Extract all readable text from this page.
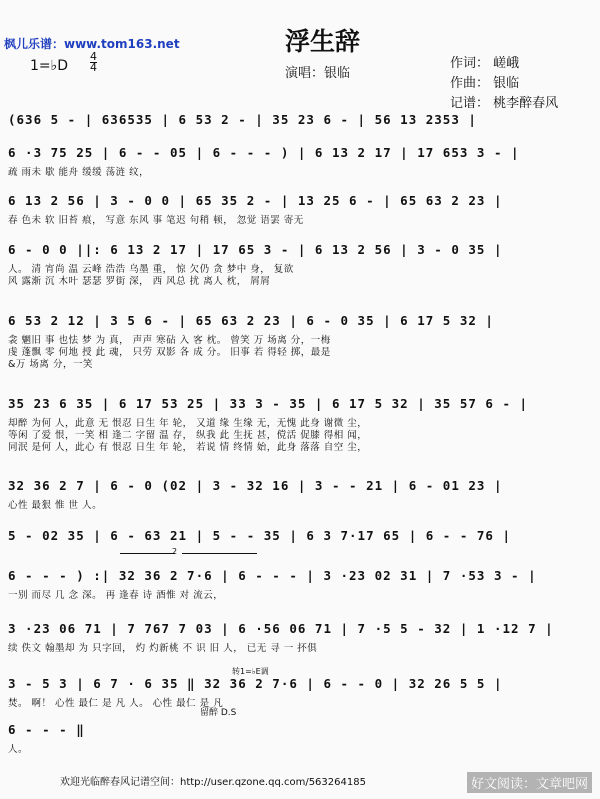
枫儿乐谱：www.tom163.net	浮生辞
1=♭D
4
4	演唱：银临
作词： 嵯峨
作曲： 银临
记谱： 桃李醉春风
(636 5 - | 636535 | 6 53 2 - | 35 23 6 - | 56 13 2353 |
6 ·3 75 25 | 6 - - 05 | 6 - - - ) | 6 13 2 17 | 17 653 3 - |
疏 雨未 歇 能舟 缓缓 荡涟 纹，
6 13 2 56 | 3 - 0 0 | 65 35 2 - | 13 25 6 - | 65 63 2 23 |
春 色未 软 旧苔 痕， 写意 东风 事 笔迟 句稍 顿， 忽觉 语罢 寄无
6 - 0 0 ||: 6 13 2 17 | 17 65 3 - | 6 13 2 56 | 3 - 0 35 |
人。 清 宵尚 温 云峰 浩浩 乌墨 重， 惊 欠仍 贪 梦中 身， 复欲
风 露渐 沉 木叶 瑟瑟 罗街 深， 西 风总 扰 离人 枕， 屑屑
6 53 2 12 | 3 5 6 - | 65 63 2 23 | 6 - 0 35 | 6 17 5 32 |
衾 魍旧 事 也怯 梦 为 真， 声声 寒砧 入 客 枕。 曾笑 万 场离 分，一梅
虔 蓬飘 零 何地 授 此 魂， 只劳 双影 各 成 分。 旧事 若 得轻 掷，最是
&万 场离 分，一笑
35 23 6 35 | 6 17 53 25 | 33 3 - 35 | 6 17 5 32 | 35 57 6 - |
却醉 为何 人，此意 无 恨忍 日生 年 轮， 又道 缘 生缘 无，无愧 此身 谢微 尘，
等闲 了爱 恨，一笑 相 逢二 字留 温 存， 纵我 此 生抚 甚，傥活 促膝 得相 闻，
同泯 是何 人，此心 有 恨忍 日生 年 轮， 若说 情 终情 始，此身 落落 自空 尘，
32 36 2 7 | 6 - 0 (02 | 3 - 32 16 | 3 - - 21 | 6 - 01 23 |
心性 最狠 惟 世 人。
5 - 02 35 | 6 - 63 21 | 5 - - 35 | 6 3 7·17 65 | 6 - - 76 |
6 - - - ) :| 32 36 2 7·6 | 6 - - - | 3 ·23 02 31 | 7 ·53 3 - |
一别 而尽 几 念 深。 再 逢春 诗 酒惟 对 流云，
3 ·23 06 71 | 7 767 7 03 | 6 ·56 06 71 | 7 ·5 5 - 32 | 1 ·12 7 |
续 佚文 翰墨却 为 只字回， 灼 灼新桃 不 识 旧 人， 已无 寻 一 抔俱
3 - 5 3 | 6 7 · 6 35 ‖ 32 36 2 7·6 | 6 - - 0 | 32 26 5 5 |
焚。 啊！ 心性 最仁 是 凡 人。 心性 最仁 是 凡
6 - - - ‖
人。
2
转1=♭E调
留醉 D.S
欢迎光临醉春风记谱空间：http://user.qzone.qq.com/563264185	好文阅读：文章吧网
